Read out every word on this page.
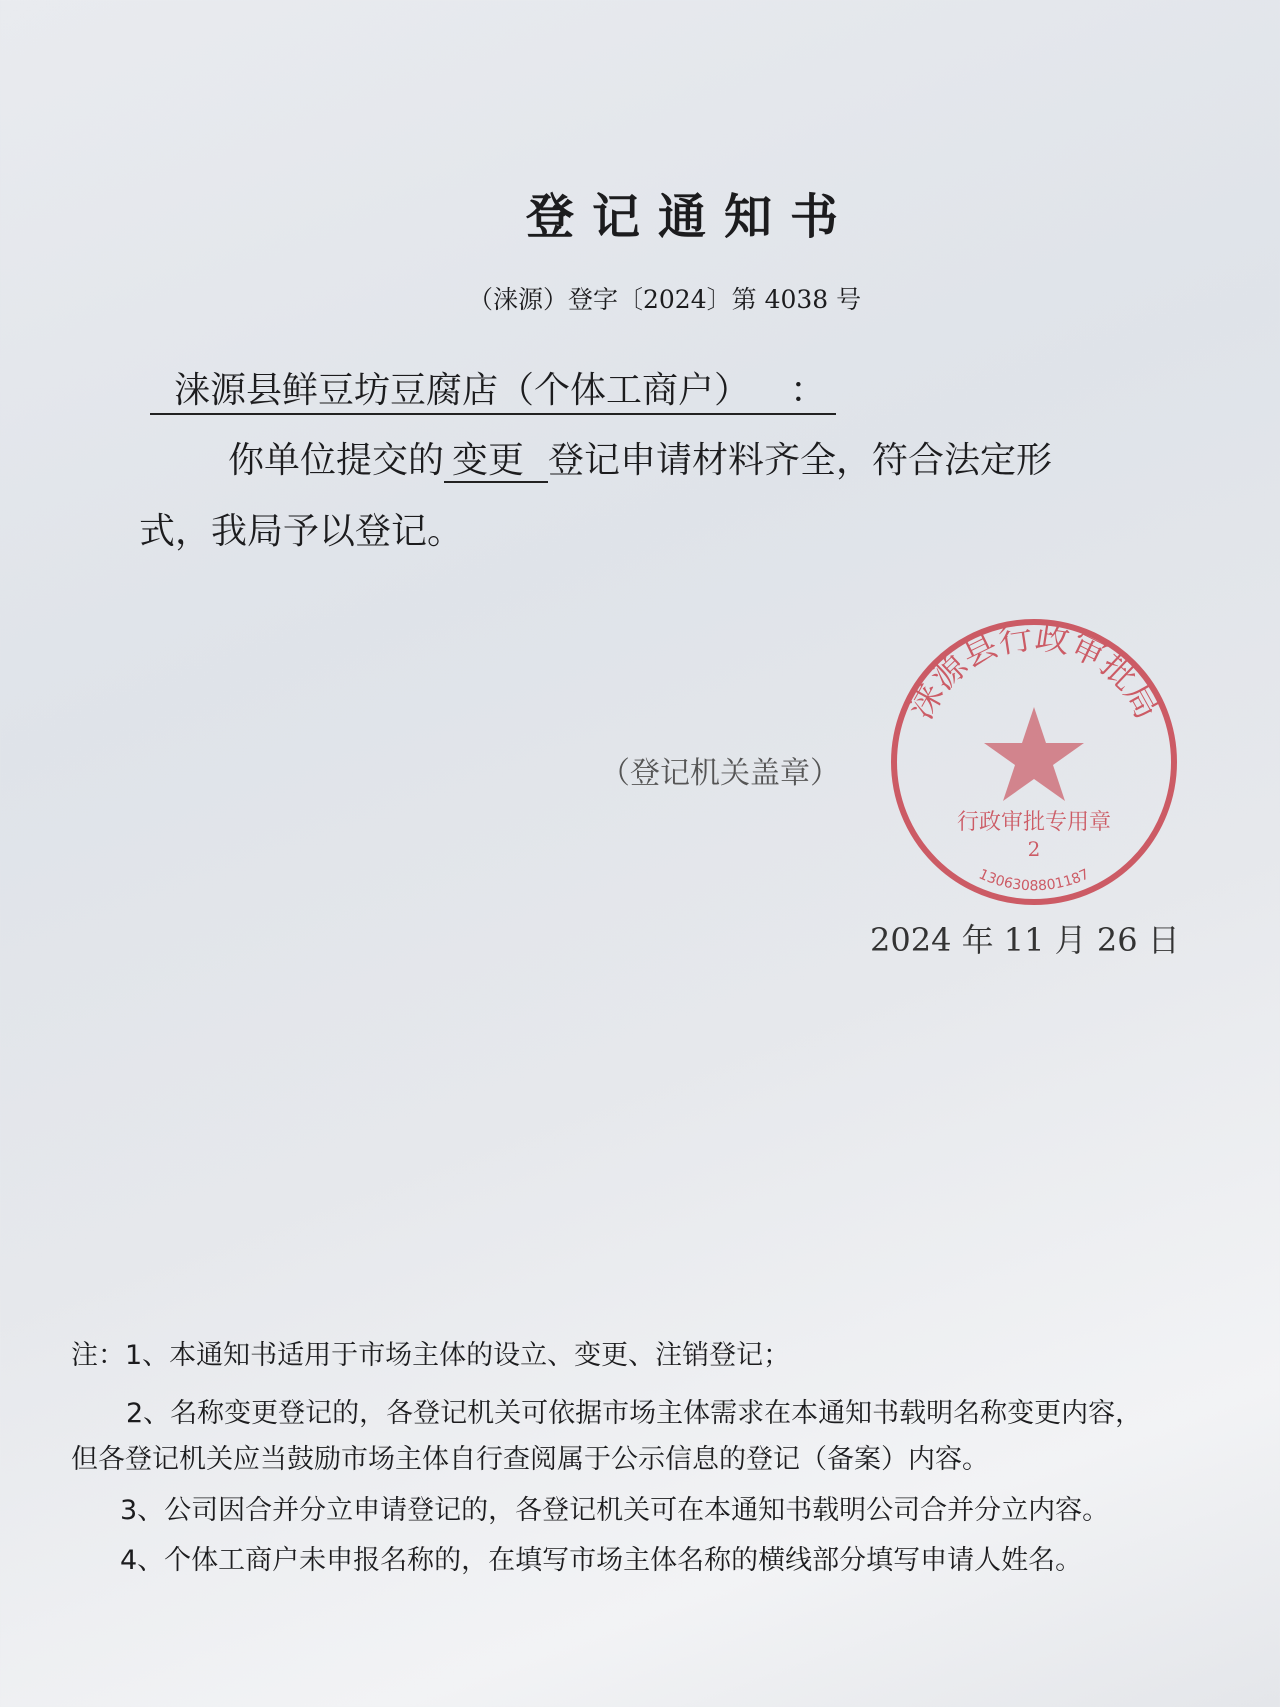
登记通知书
（涞源）登字〔2024〕第 4038 号
涞源县鲜豆坊豆腐店（个体工商户） ：
你单位提交的 变更 登记申请材料齐全，符合法定形
式，我局予以登记。
（登记机关盖章）
涞源县行政审批局
行政审批专用章
2
1306308801187
2024 年 11 月 26 日
注：1、本通知书适用于市场主体的设立、变更、注销登记；
2、名称变更登记的，各登记机关可依据市场主体需求在本通知书载明名称变更内容，
但各登记机关应当鼓励市场主体自行查阅属于公示信息的登记（备案）内容。
3、公司因合并分立申请登记的，各登记机关可在本通知书载明公司合并分立内容。
4、个体工商户未申报名称的，在填写市场主体名称的横线部分填写申请人姓名。
